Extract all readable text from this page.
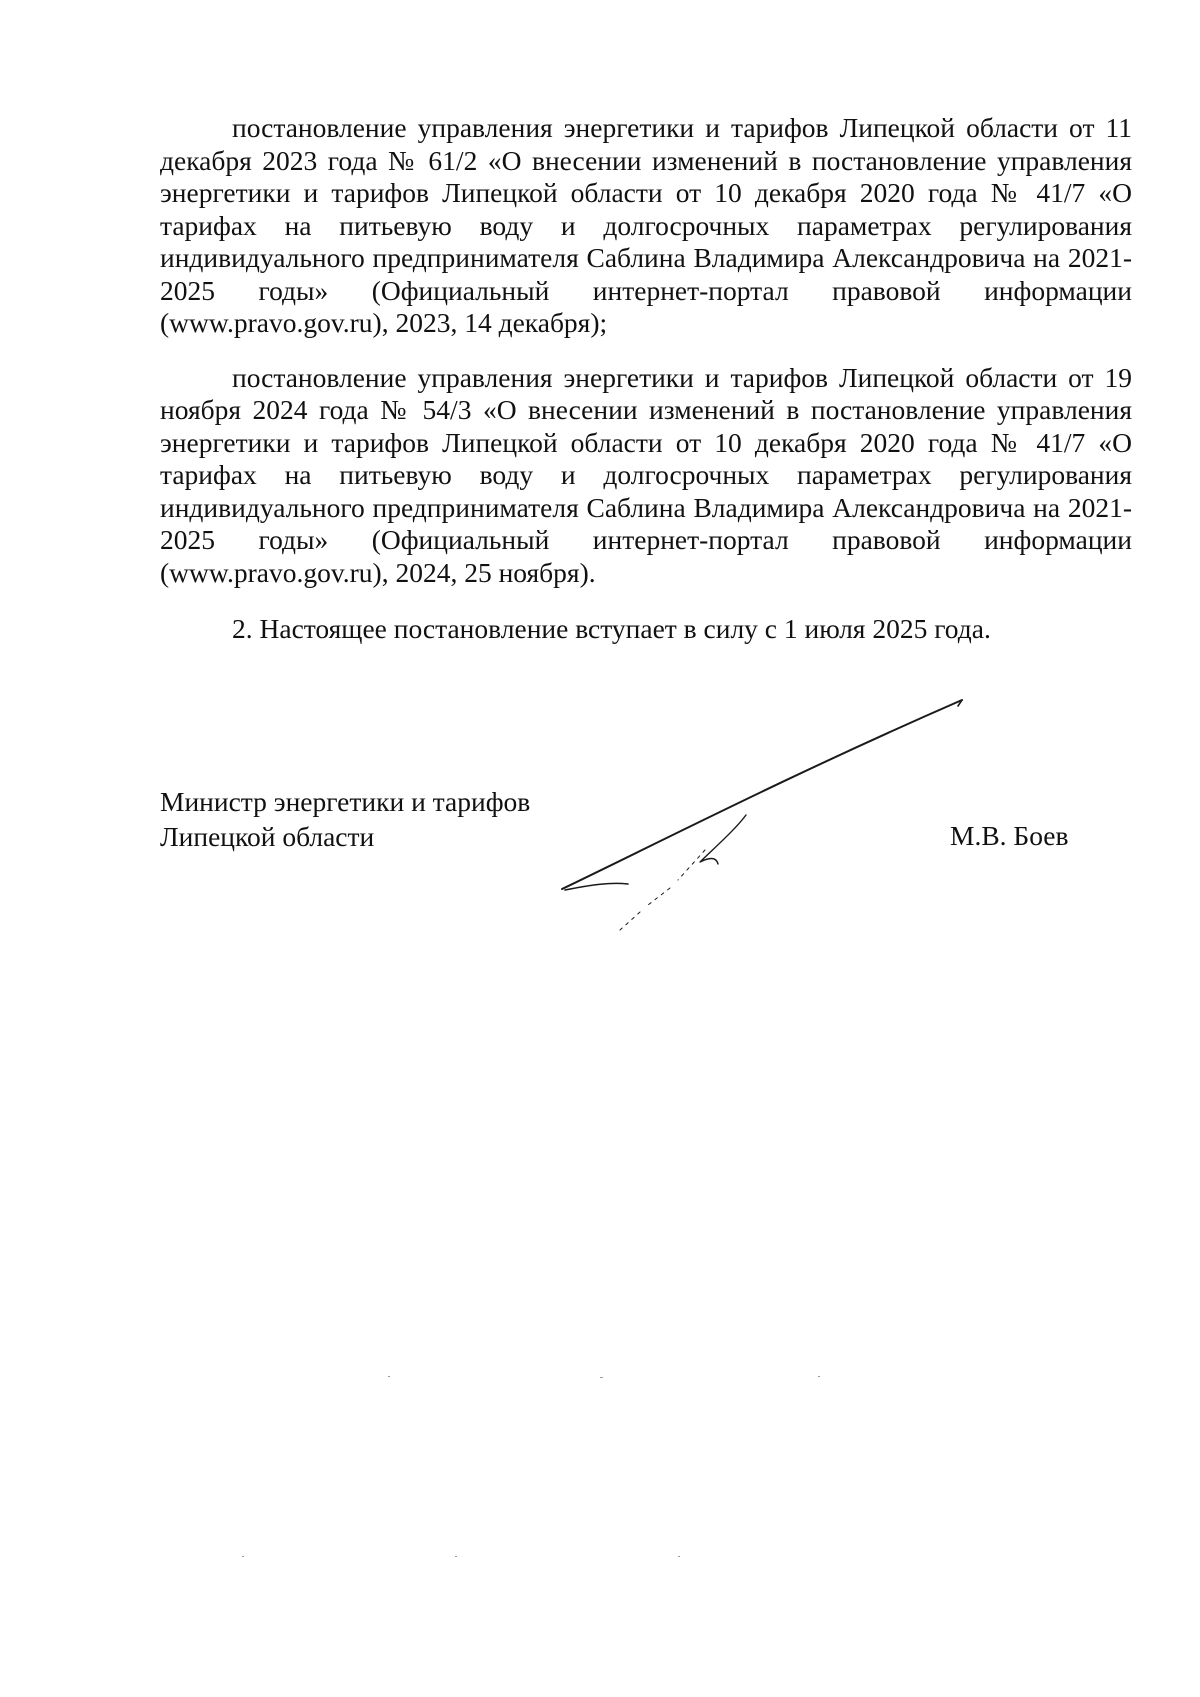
постановление управления энергетики и тарифов Липецкой области от 11 декабря 2023 года № 61/2 «О внесении изменений в постановление управления энергетики и тарифов Липецкой области от 10 декабря 2020 года № 41/7 «О тарифах на питьевую воду и долгосрочных параметрах регулирования индивидуального предпринимателя Саблина Владимира Александровича на 2021-2025 годы» (Официальный интернет-портал правовой информации (www.pravo.gov.ru), 2023, 14 декабря);

постановление управления энергетики и тарифов Липецкой области от 19 ноября 2024 года № 54/3 «О внесении изменений в постановление управления энергетики и тарифов Липецкой области от 10 декабря 2020 года № 41/7 «О тарифах на питьевую воду и долгосрочных параметрах регулирования индивидуального предпринимателя Саблина Владимира Александровича на 2021-2025 годы» (Официальный интернет-портал правовой информации (www.pravo.gov.ru), 2024, 25 ноября).

2. Настоящее постановление вступает в силу с 1 июля 2025 года.

Министр энергетики и тарифов
Липецкой области	М.В. Боев
